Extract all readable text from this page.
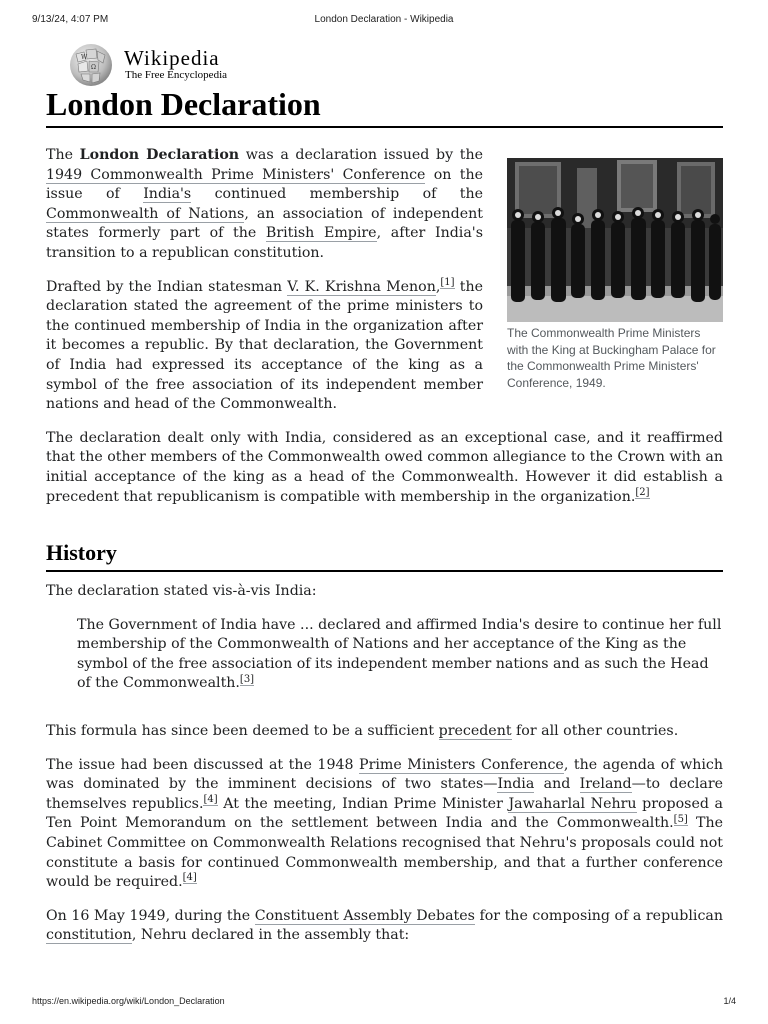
9/13/24, 4:07 PM	London Declaration - Wikipedia
W
Ω Wikipedia
The Free Encyclopedia
London Declaration
The Commonwealth Prime Ministers with the King at Buckingham Palace for the Commonwealth Prime Ministers' Conference, 1949.

The London Declaration was a declaration issued by the 1949 Commonwealth Prime Ministers' Conference on the issue of India's continued membership of the Commonwealth of Nations, an association of independent states formerly part of the British Empire, after India's transition to a republican constitution.

Drafted by the Indian statesman V. K. Krishna Menon,[1] the declaration stated the agreement of the prime ministers to the continued membership of India in the organization after it becomes a republic. By that declaration, the Government of India had expressed its acceptance of the king as a symbol of the free association of its independent member nations and head of the Commonwealth.

The declaration dealt only with India, considered as an exceptional case, and it reaffirmed that the other members of the Commonwealth owed common allegiance to the Crown with an initial acceptance of the king as a head of the Commonwealth. However it did establish a precedent that republicanism is compatible with membership in the organization.[2]

History

The declaration stated vis-à-vis India:

The Government of India have ... declared and affirmed India's desire to continue her full membership of the Commonwealth of Nations and her acceptance of the King as the symbol of the free association of its independent member nations and as such the Head of the Commonwealth.[3]

This formula has since been deemed to be a sufficient precedent for all other countries.

The issue had been discussed at the 1948 Prime Ministers Conference, the agenda of which was dominated by the imminent decisions of two states—India and Ireland—to declare themselves republics.[4] At the meeting, Indian Prime Minister Jawaharlal Nehru proposed a Ten Point Memorandum on the settlement between India and the Commonwealth.[5] The Cabinet Committee on Commonwealth Relations recognised that Nehru's proposals could not constitute a basis for continued Commonwealth membership, and that a further conference would be required.[4]

On 16 May 1949, during the Constituent Assembly Debates for the composing of a republican constitution, Nehru declared in the assembly that:

https://en.wikipedia.org/wiki/London_Declaration	1/4
